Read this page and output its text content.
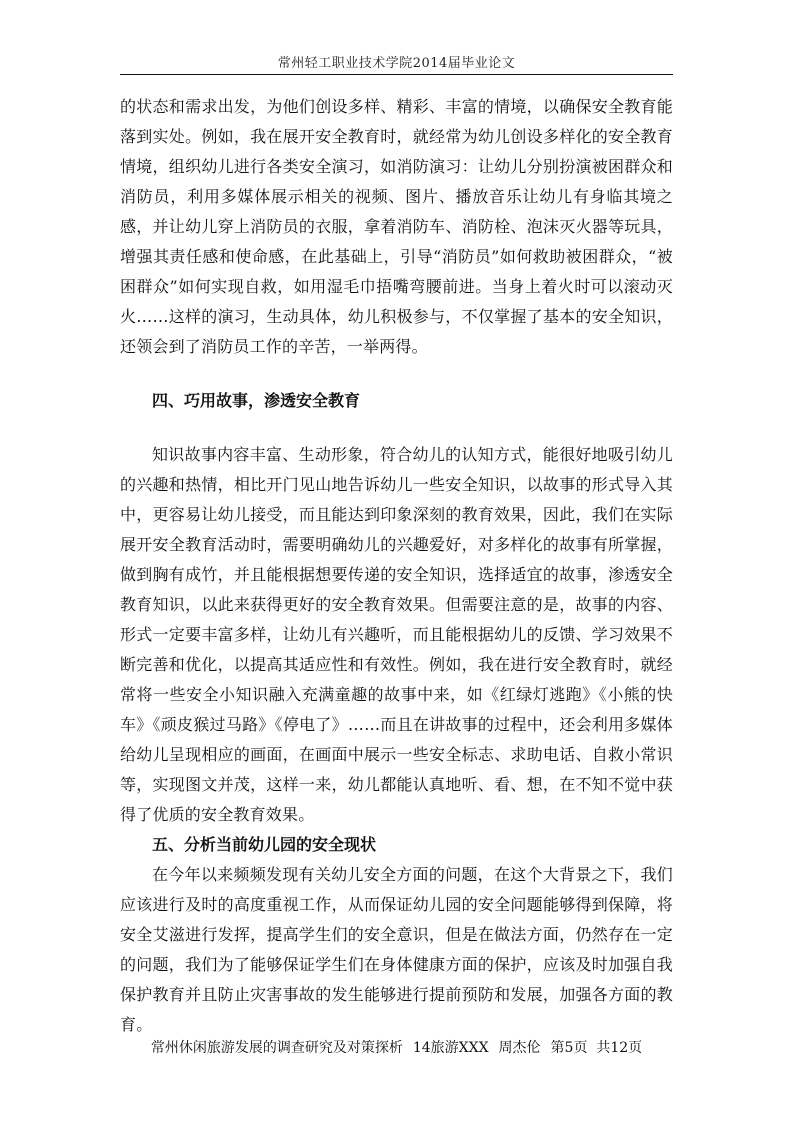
常州轻工职业技术学院2014届毕业论文

的状态和需求出发，为他们创设多样、精彩、丰富的情境，以确保安全教育能落到实处。例如，我在展开安全教育时，就经常为幼儿创设多样化的安全教育情境，组织幼儿进行各类安全演习，如消防演习：让幼儿分别扮演被困群众和消防员，利用多媒体展示相关的视频、图片、播放音乐让幼儿有身临其境之感，并让幼儿穿上消防员的衣服，拿着消防车、消防栓、泡沫灭火器等玩具，增强其责任感和使命感，在此基础上，引导“消防员”如何救助被困群众，“被困群众”如何实现自救，如用湿毛巾捂嘴弯腰前进。当身上着火时可以滚动灭火……这样的演习，生动具体，幼儿积极参与，不仅掌握了基本的安全知识，还领会到了消防员工作的辛苦，一举两得。

四、巧用故事，渗透安全教育

知识故事内容丰富、生动形象，符合幼儿的认知方式，能很好地吸引幼儿的兴趣和热情，相比开门见山地告诉幼儿一些安全知识，以故事的形式导入其中，更容易让幼儿接受，而且能达到印象深刻的教育效果，因此，我们在实际展开安全教育活动时，需要明确幼儿的兴趣爱好，对多样化的故事有所掌握，做到胸有成竹，并且能根据想要传递的安全知识，选择适宜的故事，渗透安全教育知识，以此来获得更好的安全教育效果。但需要注意的是，故事的内容、形式一定要丰富多样，让幼儿有兴趣听，而且能根据幼儿的反馈、学习效果不断完善和优化，以提高其适应性和有效性。例如，我在进行安全教育时，就经常将一些安全小知识融入充满童趣的故事中来，如《红绿灯逃跑》《小熊的快车》《顽皮猴过马路》《停电了》……而且在讲故事的过程中，还会利用多媒体给幼儿呈现相应的画面，在画面中展示一些安全标志、求助电话、自救小常识等，实现图文并茂，这样一来，幼儿都能认真地听、看、想，在不知不觉中获得了优质的安全教育效果。

五、分析当前幼儿园的安全现状

在今年以来频频发现有关幼儿安全方面的问题，在这个大背景之下，我们应该进行及时的高度重视工作，从而保证幼儿园的安全问题能够得到保障，将安全艾滋进行发挥，提高学生们的安全意识，但是在做法方面，仍然存在一定的问题，我们为了能够保证学生们在身体健康方面的保护，应该及时加强自我保护教育并且防止灾害事故的发生能够进行提前预防和发展，加强各方面的教育。

常州休闲旅游发展的调查研究及对策探析 14旅游XXX 周杰伦 第5页  共12页
